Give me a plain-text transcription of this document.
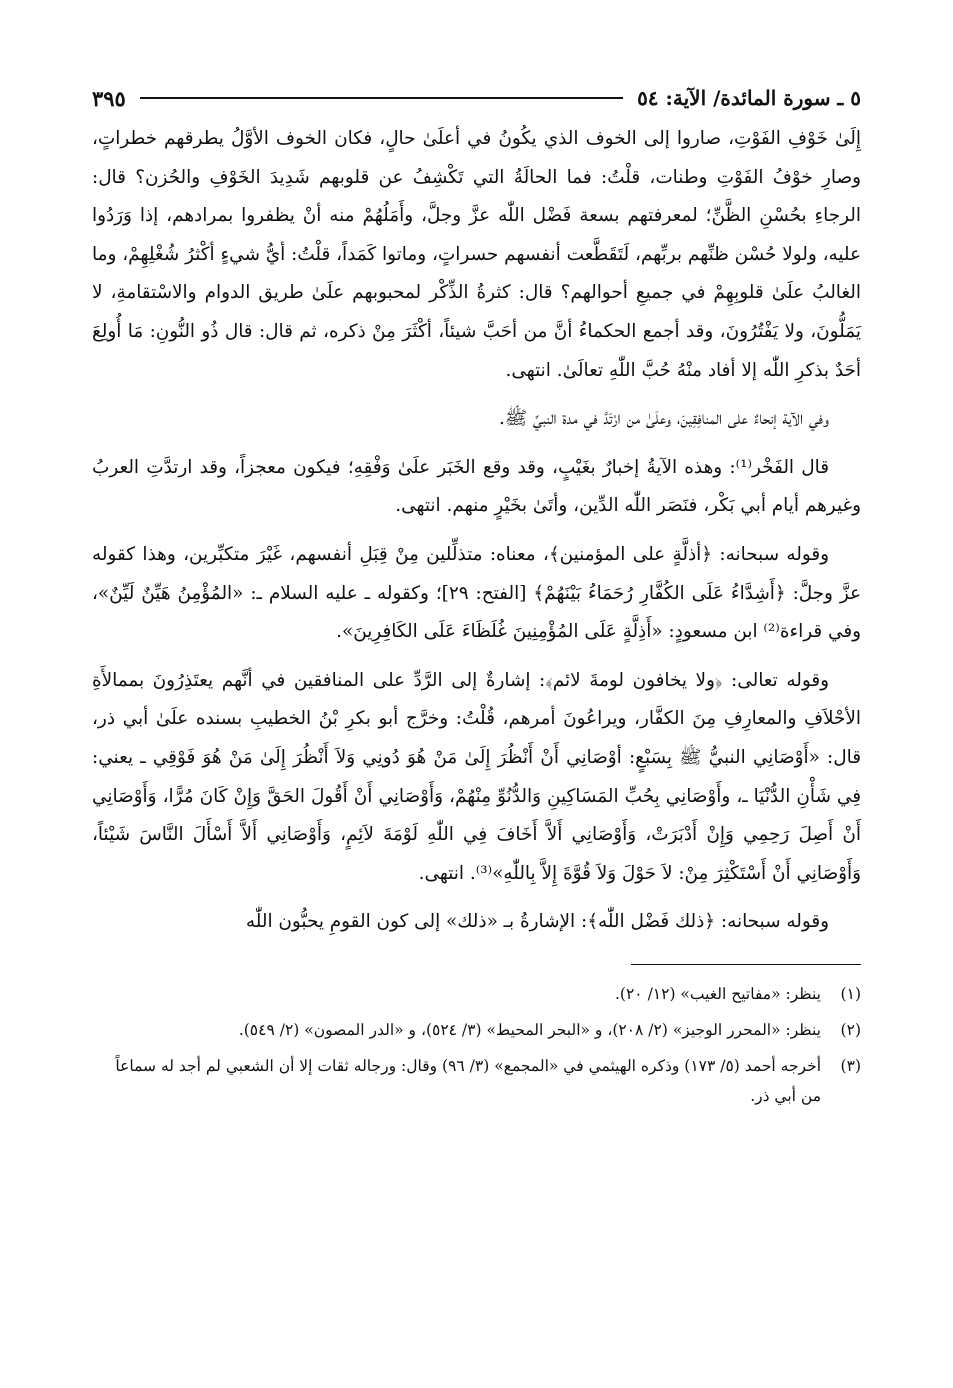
٥ ـ سورة المائدة/ الآية: ٥٤
٣٩٥

إِلَىٰ خَوْفِ الفَوْتِ، صاروا إلى الخوف الذي يكُونُ في أعلَىٰ حالٍ، فكان الخوف الأوَّلُ يطرقهم خطراتٍ، وصارِ خوْفُ الفَوْتِ وطنات، قلْتُ: فما الحالَةُ التي تَكْشِفُ عن قلوبهم شَدِيدَ الخَوْفِ والحُزن؟ قال: الرجاءِ بحُسْنِ الظَّنِّ؛ لمعرفتهم بسعة فَضْل اللّٰه عزَّ وجلَّ، وأَمَلُهُمْ منه أنْ يظفروا بمرادهم، إذا وَرَدُوا عليه، ولولا حُسْن ظنِّهم بربِّهم، لَتَقَطَّعت أنفسهم حسراتٍ، وماتوا كَمَداً، قلْتُ: أيُّ شيءٍ أكْثرُ شُغْلِهِمْ، وما الغالبُ علَىٰ قلوبِهِمْ في جميعِ أحوالهم؟ قال: كثرةُ الذِّكْر لمحبوبهم علَىٰ طريق الدوام والاسْتقامةِ، لا يَمَلُّونَ، ولا يَفْتُرُونَ، وقد أجمع الحكماءُ أنَّ من أحَبَّ شيئاً، أكْثَرَ مِنْ ذكره، ثم قال: قال ذُو النُّونِ: مَا أُولِعَ أحَدٌ بذكرِ اللّٰه إلا أفاد منْهُ حُبَّ اللّٰهِ تعالَىٰ. انتهى.

وفي الآية إنحاءٌ على المنافِقِينَ، وعلَىٰ من ارْتَدَّ في مدة النبيِّ ﷺ.

قال الفَخْر⁽¹⁾: وهذه الآيةُ إخبارٌ بغَيْبٍ، وقد وقع الخَبَر علَىٰ وَفْقِهِ؛ فيكون معجزاً، وقد ارتدَّتِ العربُ وغيرهم أيام أبي بَكْر، فنَصَر اللّٰه الدِّين، وأتَىٰ بخَيْرٍ منهم. انتهى.

وقوله سبحانه: ﴿أذلَّةٍ على المؤمنين﴾، معناه: متذلِّلين مِنْ قِبَلِ أنفسهم، غَيْرَ متكبِّرين، وهذا كقوله عزَّ وجلَّ: ﴿أَشِدَّاءُ عَلَى الكُفَّارِ رُحَمَاءُ بَيْنَهُمْ﴾ [الفتح: ٢٩]؛ وكقوله ـ عليه السلام ـ: «المُؤْمِنُ هَيِّنٌ لَيِّنٌ»، وفي قراءة⁽²⁾ ابن مسعودٍ: «أَذِلَّةٍ عَلَى المُؤْمِنِينَ غُلَظَاءَ عَلَى الكَافِرِينَ».

وقوله تعالى: ﴿ولا يخافون لومةَ لائم﴾: إشارةٌ إلى الرَّدِّ على المنافقين في أنَّهم يعتَذِرُونَ بممالأَةِ الأحْلاَفِ والمعارِفِ مِنَ الكفَّار، ويراعُونَ أمرهم، قُلْتُ: وخرَّج أبو بكرِ بْنُ الخطيبِ بسنده علَىٰ أبي ذر، قال: «أَوْصَانِي النبيُّ ﷺ بِسَبْعٍ: أوْصَانِي أَنْ أَنْظُرَ إِلَىٰ مَنْ هُوَ دُونِي وَلاَ أَنْظُرَ إِلَىٰ مَنْ هُوَ فَوْقِي ـ يعني: فِي شَأْنِ الدُّنْيَا ـ، وأَوْصَانِي بِحُبِّ المَسَاكِينِ وَالدُّنُوِّ مِنْهُمْ، وَأَوْصَانِي أَنْ أَقُولَ الحَقَّ وَإِنْ كَانَ مُرًّا، وَأَوْصَانِي أَنْ أَصِلَ رَحِمِي وَإِنْ أَدْبَرَتْ، وَأَوْصَانِي أَلاَّ أَخَافَ فِي اللّٰهِ لَوْمَةَ لاَئِمٍ، وَأَوْصَانِي أَلاَّ أَسْأَلَ النَّاسَ شَيْئاً، وَأَوْصَانِي أَنْ أَسْتَكْثِرَ مِنْ: لاَ حَوْلَ وَلاَ قُوَّةَ إِلاَّ بِاللّٰهِ»⁽³⁾. انتهى.

وقوله سبحانه: ﴿ذلك فَضْل اللّٰه﴾: الإشارةُ بـ «ذلك» إلى كون القومِ يحبُّون اللّٰه

(١)
ينظر: «مفاتيح الغيب» (١٢/ ٢٠).
(٢)
ينظر: «المحرر الوجيز» (٢/ ٢٠٨)، و «البحر المحيط» (٣/ ٥٢٤)، و «الدر المصون» (٢/ ٥٤٩).
(٣)
أخرجه أحمد (٥/ ١٧٣) وذكره الهيثمي في «المجمع» (٣/ ٩٦) وقال: ورجاله ثقات إلا أن الشعبي لم أجد له سماعاً من أبي ذر.
